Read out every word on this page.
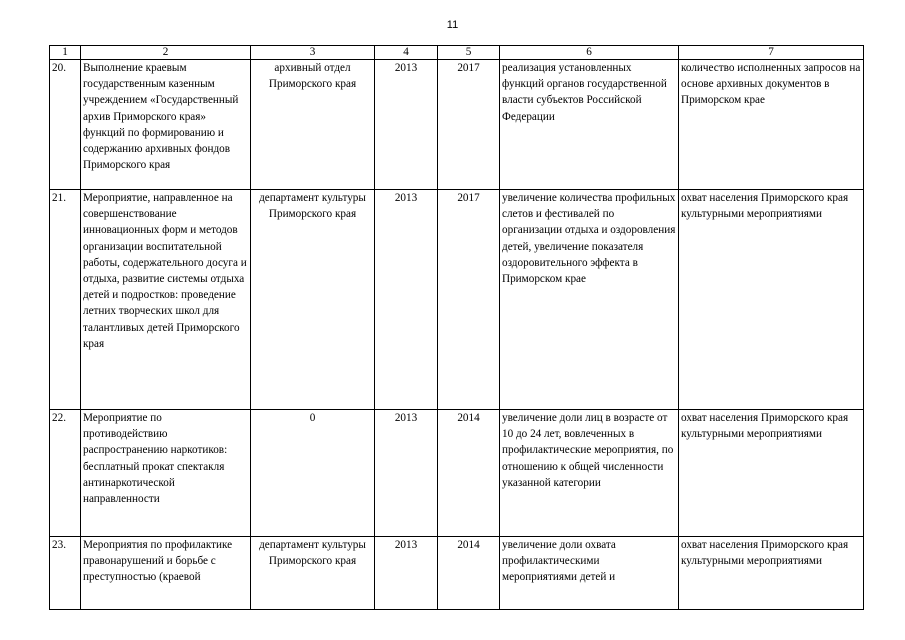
11
1	2	3	4	5	6	7
20.	Выполнение краевым государственным казенным учреждением «Государственный архив Приморского края» функций по формированию и содержанию архивных фондов Приморского края	архивный отдел Приморского края	2013	2017	реализация установленных функций органов государственной власти субъектов Российской Федерации	количество исполненных запросов на основе архивных документов в Приморском крае
21.	Мероприятие, направленное на совершенствование инновационных форм и методов организации воспитательной работы, содержательного досуга и отдыха, развитие системы отдыха детей и подростков: проведение летних творческих школ для талантливых детей Приморского края	департамент культуры Приморского края	2013	2017	увеличение количества профильных слетов и фестивалей по организации отдыха и оздоровления детей, увеличение показателя оздоровительного эффекта в Приморском крае	охват населения Приморского края культурными мероприятиями
22.	Мероприятие по противодействию распространению наркотиков: бесплатный прокат спектакля антинаркотической направленности	0	2013	2014	увеличение доли лиц в возрасте от 10 до 24 лет, вовлеченных в профилактические мероприятия, по отношению к общей численности указанной категории	охват населения Приморского края культурными мероприятиями
23.	Мероприятия по профилактике правонарушений и борьбе с преступностью (краевой	департамент культуры Приморского края	2013	2014	увеличение доли охвата профилактическими мероприятиями детей и	охват населения Приморского края культурными мероприятиями
